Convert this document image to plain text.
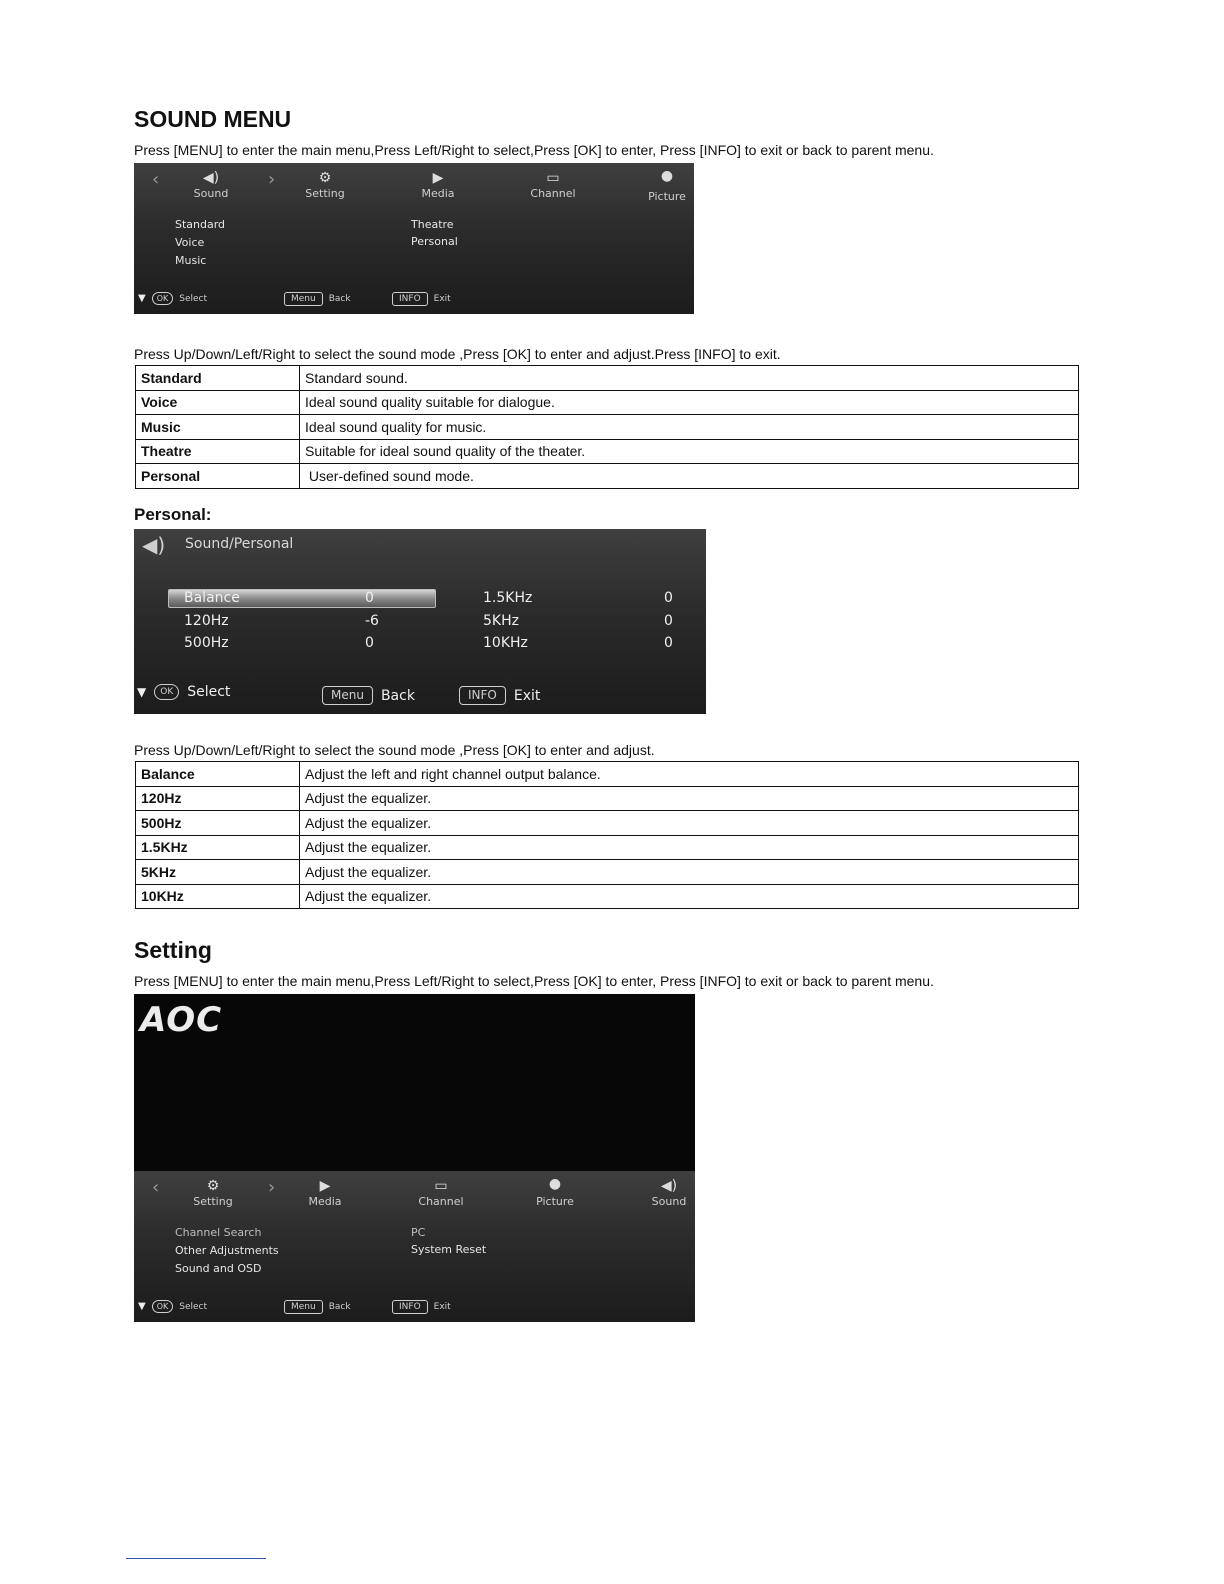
SOUND MENU
Press [MENU] to enter the main menu,Press Left/Right to select,Press [OK] to enter, Press [INFO] to exit or back to parent menu.
‹	›
◀)
Sound
⚙
Setting
▶
Media
▭
Channel
●
Picture
Standard
Voice
Music
Theatre
Personal
▼	OK	Select	Menu	Back	INFO	Exit
Press Up/Down/Left/Right to select the sound mode ,Press [OK] to enter and adjust.Press [INFO] to exit.
Standard	Standard sound.
Voice	Ideal sound quality suitable for dialogue.
Music	Ideal sound quality for music.
Theatre	Suitable for ideal sound quality of the theater.
Personal	User-defined sound mode.
Personal:
◀) Sound/Personal
Balance	0
120Hz	-6
500Hz	0
1.5KHz	0
5KHz	0
10KHz	0
▼	OK	Select	Menu	Back	INFO	Exit
Press Up/Down/Left/Right to select the sound mode ,Press [OK] to enter and adjust.
Balance	Adjust the left and right channel output balance.
120Hz	Adjust the equalizer.
500Hz	Adjust the equalizer.
1.5KHz	Adjust the equalizer.
5KHz	Adjust the equalizer.
10KHz	Adjust the equalizer.
Setting
Press [MENU] to enter the main menu,Press Left/Right to select,Press [OK] to enter, Press [INFO] to exit or back to parent menu.
AOC
‹	›
⚙
Setting
▶
Media
▭
Channel
●
Picture
◀)
Sound
Channel Search
Other Adjustments
Sound and OSD
PC
System Reset
▼	OK	Select	Menu	Back	INFO	Exit
